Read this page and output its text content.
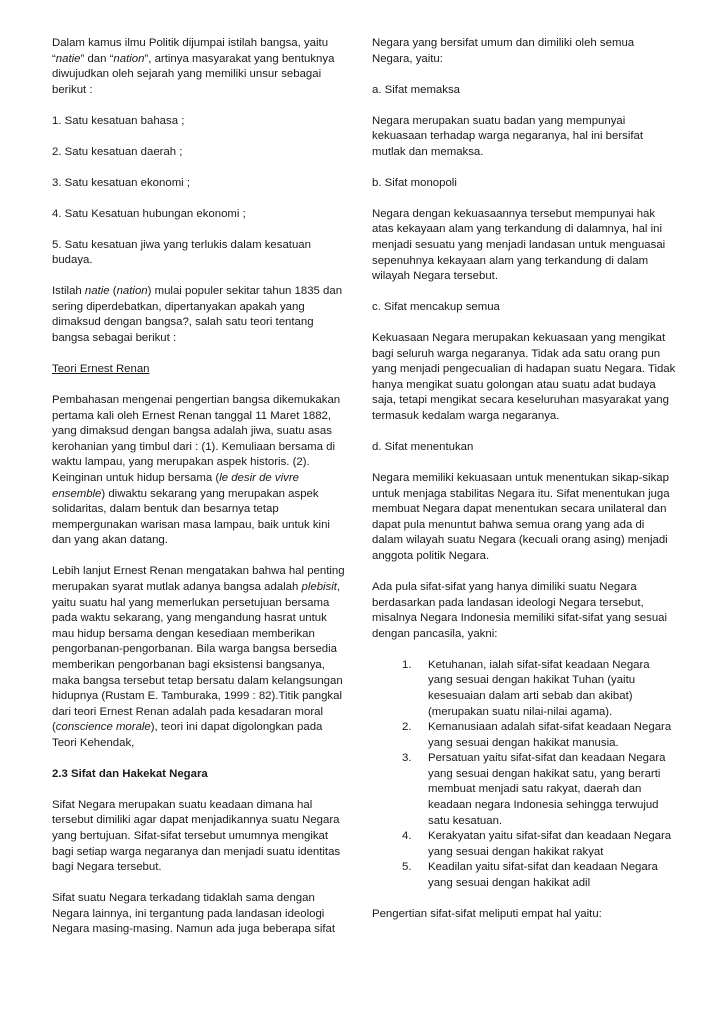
Dalam kamus ilmu Politik dijumpai istilah bangsa, yaitu “natie” dan “nation”, artinya masyarakat yang bentuknya diwujudkan oleh sejarah yang memiliki unsur sebagai berikut :

1. Satu kesatuan bahasa ;

2. Satu kesatuan daerah ;

3. Satu kesatuan ekonomi ;

4. Satu Kesatuan hubungan ekonomi ;

5. Satu kesatuan jiwa yang terlukis dalam kesatuan budaya.

Istilah natie (nation) mulai populer sekitar tahun 1835 dan sering diperdebatkan, dipertanyakan apakah yang dimaksud dengan bangsa?, salah satu teori tentang bangsa sebagai berikut :

Teori Ernest Renan

Pembahasan mengenai pengertian bangsa dikemukakan pertama kali oleh Ernest Renan tanggal 11 Maret 1882, yang dimaksud dengan bangsa adalah jiwa, suatu asas kerohanian yang timbul dari : (1). Kemuliaan bersama di waktu lampau, yang merupakan aspek historis. (2). Keinginan untuk hidup bersama (le desir de vivre ensemble) diwaktu sekarang yang merupakan aspek solidaritas, dalam bentuk dan besarnya tetap mempergunakan warisan masa lampau, baik untuk kini dan yang akan datang.

Lebih lanjut Ernest Renan mengatakan bahwa hal penting merupakan syarat mutlak adanya bangsa adalah plebisit, yaitu suatu hal yang memerlukan persetujuan bersama pada waktu sekarang, yang mengandung hasrat untuk mau hidup bersama dengan kesediaan memberikan pengorbanan-pengorbanan. Bila warga bangsa bersedia memberikan pengorbanan bagi eksistensi bangsanya, maka bangsa tersebut tetap bersatu dalam kelangsungan hidupnya (Rustam E. Tamburaka, 1999 : 82).Titik pangkal dari teori Ernest Renan adalah pada kesadaran moral (conscience morale), teori ini dapat digolongkan pada Teori Kehendak,

2.3 Sifat dan Hakekat Negara

Sifat Negara merupakan suatu keadaan dimana hal tersebut dimiliki agar dapat menjadikannya suatu Negara yang bertujuan. Sifat-sifat tersebut umumnya mengikat bagi setiap warga negaranya dan menjadi suatu identitas bagi Negara tersebut.

Sifat suatu Negara terkadang tidaklah sama dengan Negara lainnya, ini tergantung pada landasan ideologi Negara masing-masing. Namun ada juga beberapa sifat

Negara yang bersifat umum dan dimiliki oleh semua Negara, yaitu:

a. Sifat memaksa

Negara merupakan suatu badan yang mempunyai kekuasaan terhadap warga negaranya, hal ini bersifat mutlak dan memaksa.

b. Sifat monopoli

Negara dengan kekuasaannya tersebut mempunyai hak atas kekayaan alam yang terkandung di dalamnya, hal ini menjadi sesuatu yang menjadi landasan untuk menguasai sepenuhnya kekayaan alam yang terkandung di dalam wilayah Negara tersebut.

c. Sifat mencakup semua

Kekuasaan Negara merupakan kekuasaan yang mengikat bagi seluruh warga negaranya. Tidak ada satu orang pun yang menjadi pengecualian di hadapan suatu Negara. Tidak hanya mengikat suatu golongan atau suatu adat budaya saja, tetapi mengikat secara keseluruhan masyarakat yang termasuk kedalam warga negaranya.

d. Sifat menentukan

Negara memiliki kekuasaan untuk menentukan sikap-sikap untuk menjaga stabilitas Negara itu. Sifat menentukan juga membuat Negara dapat menentukan secara unilateral dan dapat pula menuntut bahwa semua orang yang ada di dalam wilayah suatu Negara (kecuali orang asing) menjadi anggota politik Negara.

Ada pula sifat-sifat yang hanya dimiliki suatu Negara berdasarkan pada landasan ideologi Negara tersebut, misalnya Negara Indonesia memiliki sifat-sifat yang sesuai dengan pancasila, yakni:

1. Ketuhanan, ialah sifat-sifat keadaan Negara yang sesuai dengan hakikat Tuhan (yaitu kesesuaian dalam arti sebab dan akibat)(merupakan suatu nilai-nilai agama).
2. Kemanusiaan adalah sifat-sifat keadaan Negara yang sesuai dengan hakikat manusia.
3. Persatuan yaitu sifat-sifat dan keadaan Negara yang sesuai dengan hakikat satu, yang berarti membuat menjadi satu rakyat, daerah dan keadaan negara Indonesia sehingga terwujud satu kesatuan.
4. Kerakyatan yaitu sifat-sifat dan keadaan Negara yang sesuai dengan hakikat rakyat
5. Keadilan yaitu sifat-sifat dan keadaan Negara yang sesuai dengan hakikat adil

Pengertian sifat-sifat meliputi empat hal yaitu:
